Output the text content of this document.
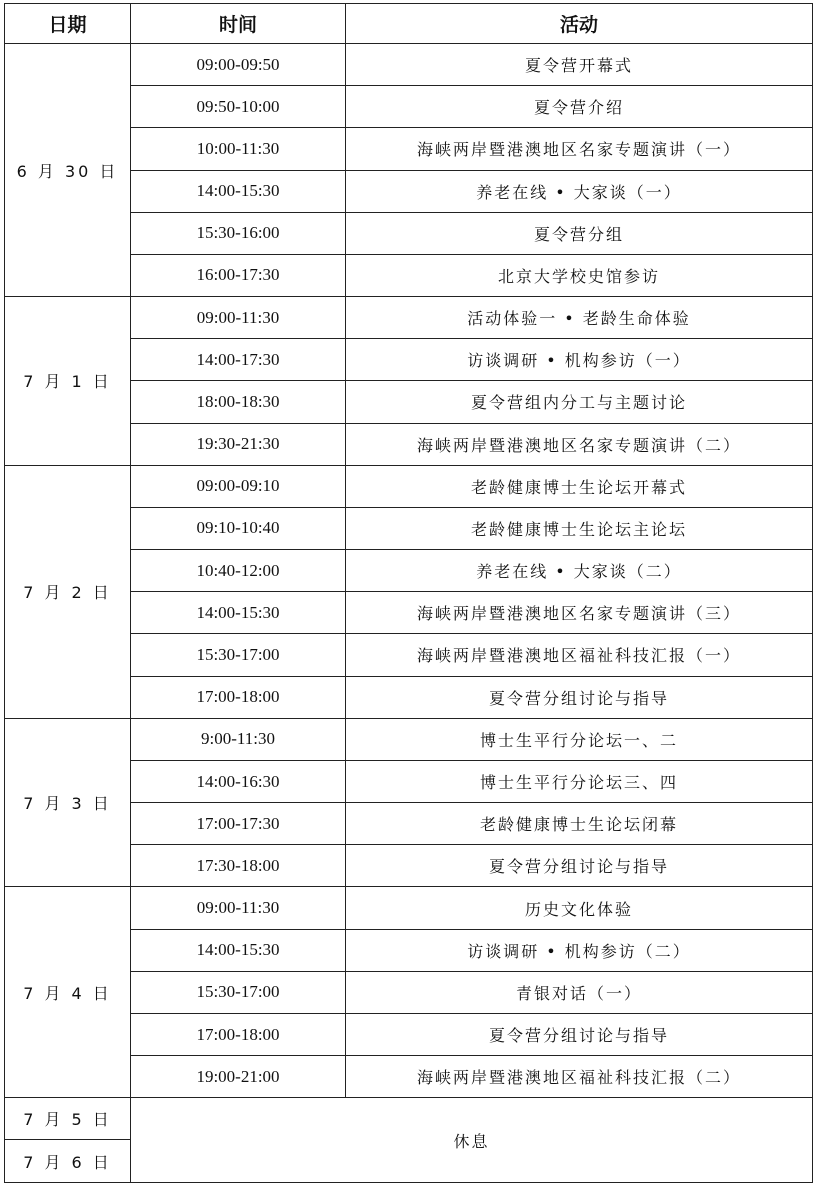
日期	时间	活动
6 月 30 日	09:00-09:50	夏令营开幕式
	09:50-10:00	夏令营介绍
	10:00-11:30	海峡两岸暨港澳地区名家专题演讲（一）
	14:00-15:30	养老在线 • 大家谈（一）
	15:30-16:00	夏令营分组
	16:00-17:30	北京大学校史馆参访
7 月 1 日	09:00-11:30	活动体验一 • 老龄生命体验
	14:00-17:30	访谈调研 • 机构参访（一）
	18:00-18:30	夏令营组内分工与主题讨论
	19:30-21:30	海峡两岸暨港澳地区名家专题演讲（二）
7 月 2 日	09:00-09:10	老龄健康博士生论坛开幕式
	09:10-10:40	老龄健康博士生论坛主论坛
	10:40-12:00	养老在线 • 大家谈（二）
	14:00-15:30	海峡两岸暨港澳地区名家专题演讲（三）
	15:30-17:00	海峡两岸暨港澳地区福祉科技汇报（一）
	17:00-18:00	夏令营分组讨论与指导
7 月 3 日	9:00-11:30	博士生平行分论坛一、二
	14:00-16:30	博士生平行分论坛三、四
	17:00-17:30	老龄健康博士生论坛闭幕
	17:30-18:00	夏令营分组讨论与指导
7 月 4 日	09:00-11:30	历史文化体验
	14:00-15:30	访谈调研 • 机构参访（二）
	15:30-17:00	青银对话（一）
	17:00-18:00	夏令营分组讨论与指导
	19:00-21:00	海峡两岸暨港澳地区福祉科技汇报（二）
7 月 5 日	休息	
7 月 6 日		
